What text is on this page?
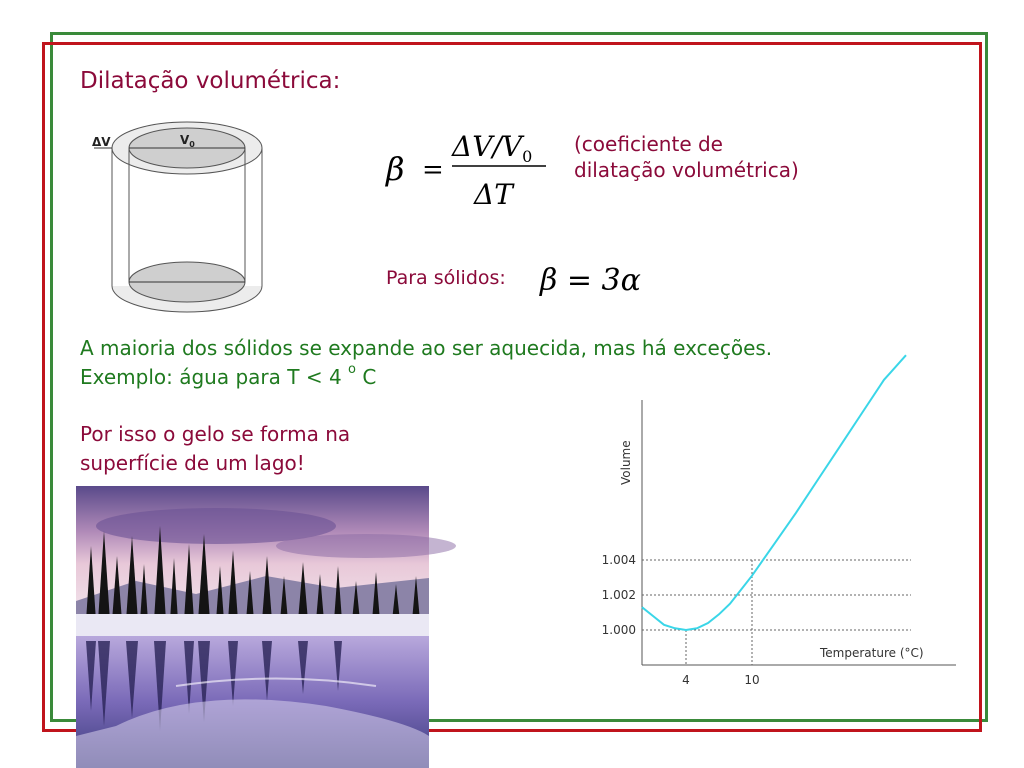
Dilatação volumétrica:
ΔV	$V_0$
β =
$\Delta V/V_0$
ΔT
(coeficiente de
dilatação volumétrica)
Para sólidos: β = 3α
A maioria dos sólidos se expande ao ser aquecida, mas há exceções.
Exemplo: água para T < 4 $^o$ C
Por isso o gelo se forma na
superfície de um lago!	Volume
Temperature (°C)
1.000
1.002
1.004
4	10
